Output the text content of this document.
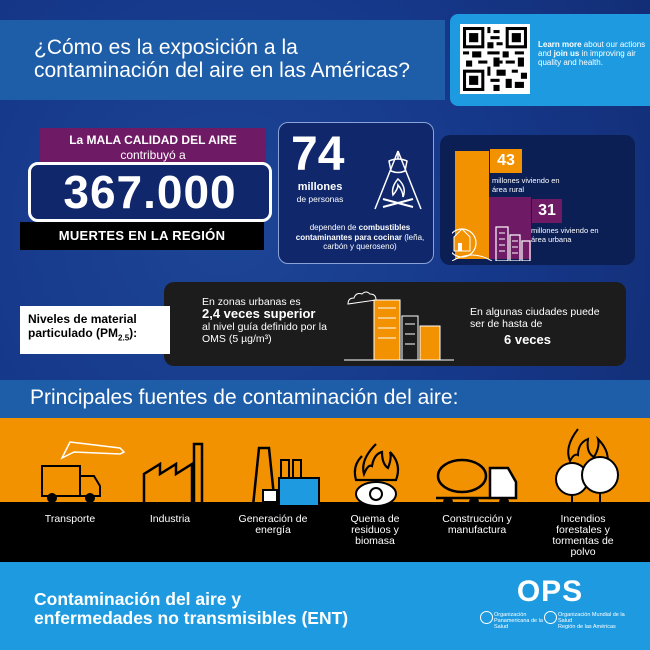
¿Cómo es la exposición a la
contaminación del aire en las Américas?
Learn more about our actions and join us in improving air quality and health.
La MALA CALIDAD DEL AIRE
contribuyó a
367.000
MUERTES EN LA REGIÓN
74
millones
de personas
dependen de combustibles contaminantes para cocinar (leña, carbón y queroseno)
43
millones viviendo en área rural
31
millones viviendo en área urbana
En zonas urbanas es
2,4 veces superior
al nivel guía definido por la OMS (5 µg/m³)
En algunas ciudades puede ser de hasta de
6 veces
Niveles de material
particulado $(PM_{2.5})$:
Principales fuentes de contaminación del aire:
Transporte	Industria	Generación de energía
Quema de residuos y biomasa
Construcción y manufactura
Incendios forestales y tormentas de polvo
Contaminación del aire y
enfermedades no transmisibles (ENT)
OPS
Organización Panamericana de la Salud
Organización Mundial de la Salud
Región de las Américas
